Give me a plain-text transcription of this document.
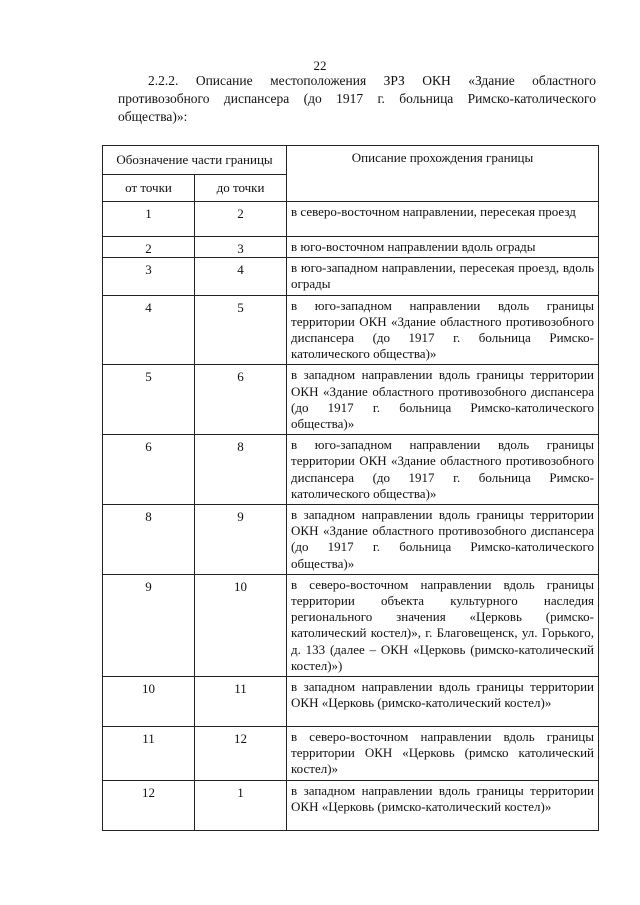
22

2.2.2. Описание местоположения ЗРЗ ОКН «Здание областного противозобного диспансера (до 1917 г. больница Римско-католического общества)»:

Обозначение части границы		Описание прохождения границы
от точки	до точки	
1	2	в северо-восточном направлении, пересекая проезд
2	3	в юго-восточном направлении вдоль ограды
3	4	в юго-западном направлении, пересекая проезд, вдоль ограды
4	5	в юго-западном направлении вдоль границы территории ОКН «Здание областного противозобного диспансера (до 1917 г. больница Римско-католического общества)»
5	6	в западном направлении вдоль границы территории ОКН «Здание областного противозобного диспансера (до 1917 г. больница Римско-католического общества)»
6	8	в юго-западном направлении вдоль границы территории ОКН «Здание областного противозобного диспансера (до 1917 г. больница Римско-католического общества)»
8	9	в западном направлении вдоль границы территории ОКН «Здание областного противозобного диспансера (до 1917 г. больница Римско-католического общества)»
9	10	в северо-восточном направлении вдоль границы территории объекта культурного наследия регионального значения «Церковь (римско-католический костел)», г. Благовещенск, ул. Горького, д. 133 (далее – ОКН «Церковь (римско-католический костел)»)
10	11	в западном направлении вдоль границы территории ОКН «Церковь (римско-католический костел)»
11	12	в северо-восточном направлении вдоль границы территории ОКН «Церковь (римско католический костел)»
12	1	в западном направлении вдоль границы территории ОКН «Церковь (римско-католический костел)»
